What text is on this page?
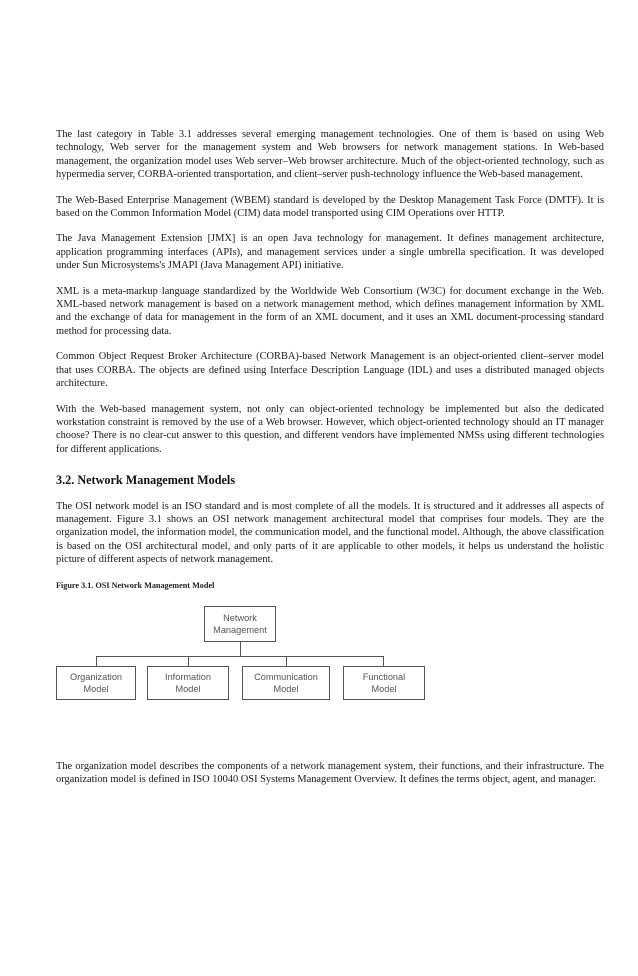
The last category in Table 3.1 addresses several emerging management technologies. One of them is based on using Web technology, Web server for the management system and Web browsers for network management stations. In Web-based management, the organization model uses Web server–Web browser architecture. Much of the object-oriented technology, such as hypermedia server, CORBA-oriented transportation, and client–server push-technology influence the Web-based management.

The Web-Based Enterprise Management (WBEM) standard is developed by the Desktop Management Task Force (DMTF). It is based on the Common Information Model (CIM) data model transported using CIM Operations over HTTP.

The Java Management Extension [JMX] is an open Java technology for management. It defines management architecture, application programming interfaces (APIs), and management services under a single umbrella specification. It was developed under Sun Microsystems's JMAPI (Java Management API) initiative.

XML is a meta-markup language standardized by the Worldwide Web Consortium (W3C) for document exchange in the Web. XML-based network management is based on a network management method, which defines management information by XML and the exchange of data for management in the form of an XML document, and it uses an XML document-processing standard method for processing data.

Common Object Request Broker Architecture (CORBA)-based Network Management is an object-oriented client–server model that uses CORBA. The objects are defined using Interface Description Language (IDL) and uses a distributed managed objects architecture.

With the Web-based management system, not only can object-oriented technology be implemented but also the dedicated workstation constraint is removed by the use of a Web browser. However, which object-oriented technology should an IT manager choose? There is no clear-cut answer to this question, and different vendors have implemented NMSs using different technologies for different applications.

3.2. Network Management Models

The OSI network model is an ISO standard and is most complete of all the models. It is structured and it addresses all aspects of management. Figure 3.1 shows an OSI network management architectural model that comprises four models. They are the organization model, the information model, the communication model, and the functional model. Although, the above classification is based on the OSI architectural model, and only parts of it are applicable to other models, it helps us understand the holistic picture of different aspects of network management.

Figure 3.1. OSI Network Management Model
Network
Management
Organization
Model
Information
Model
Communication
Model
Functional
Model

The organization model describes the components of a network management system, their functions, and their infrastructure. The organization model is defined in ISO 10040 OSI Systems Management Overview. It defines the terms object, agent, and manager.
